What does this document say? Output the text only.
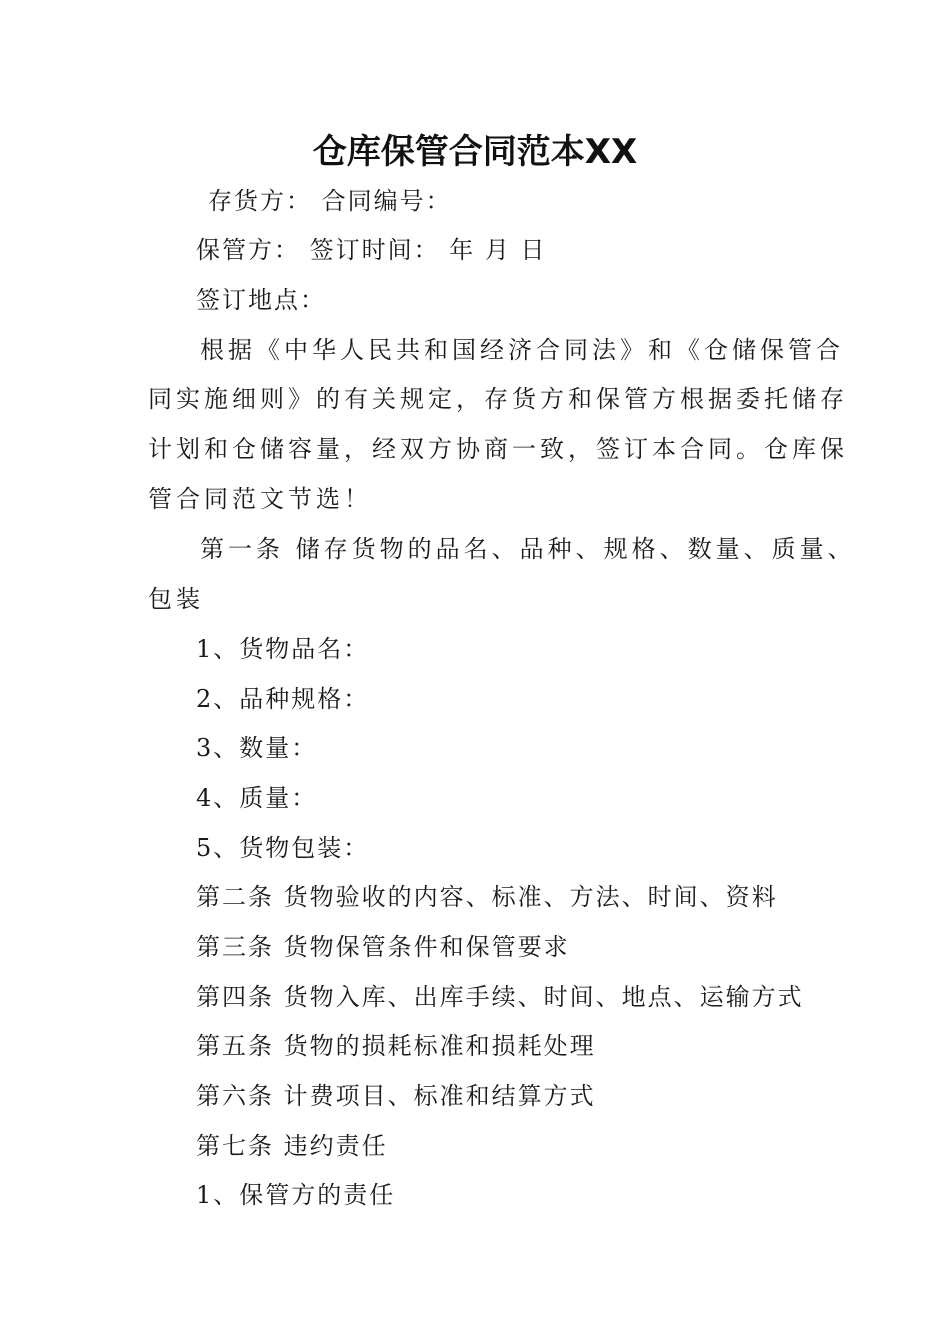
仓库保管合同范本XX
存货方： 合同编号：
保管方： 签订时间： 年 月 日
签订地点：
根据《中华人民共和国经济合同法》和《仓储保管合
同实施细则》的有关规定，存货方和保管方根据委托储存
计划和仓储容量，经双方协商一致，签订本合同。仓库保
管合同范文节选！
第一条 储存货物的品名、品种、规格、数量、质量、
包装
1、货物品名：
2、品种规格：
3、数量：
4、质量：
5、货物包装：
第二条 货物验收的内容、标准、方法、时间、资料
第三条 货物保管条件和保管要求
第四条 货物入库、出库手续、时间、地点、运输方式
第五条 货物的损耗标准和损耗处理
第六条 计费项目、标准和结算方式
第七条 违约责任
1、保管方的责任
